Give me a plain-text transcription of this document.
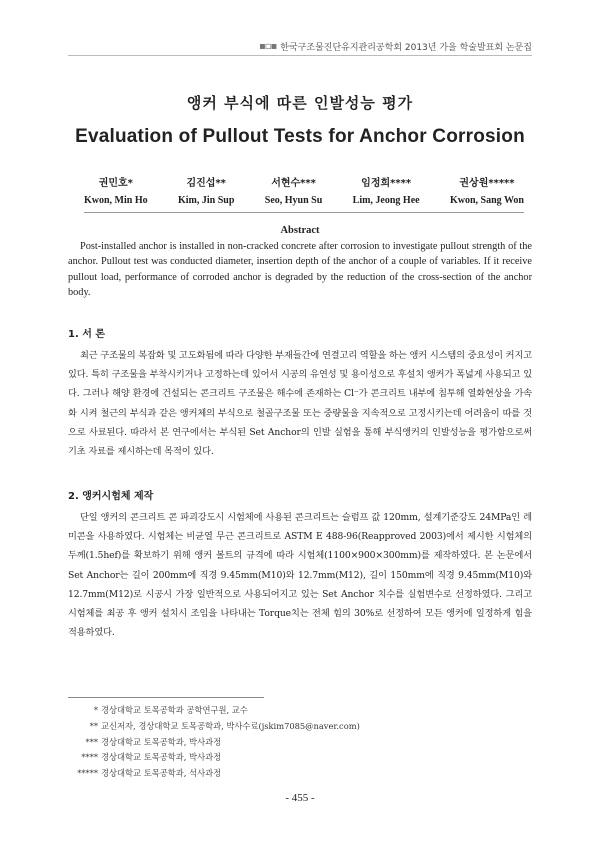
▪▫▪ 한국구조물진단유지관리공학회 2013년 가을 학술발표회 논문집
앵커 부식에 따른 인발성능 평가
Evaluation of Pullout Tests for Anchor Corrosion
권민호*
Kwon, Min Ho
김진섭**
Kim, Jin Sup
서현수***
Seo, Hyun Su
임정희****
Lim, Jeong Hee
권상원*****
Kwon, Sang Won
Abstract

Post-installed anchor is installed in non-cracked concrete after corrosion to investigate pullout strength of the anchor. Pullout test was conducted diameter, insertion depth of the anchor of a couple of variables. If it receive pullout load, performance of corroded anchor is degraded by the reduction of the cross-section of the anchor body.

1. 서 론

최근 구조물의 복잡화 및 고도화됨에 따라 다양한 부재들간에 연결고리 역할을 하는 앵커 시스템의 중요성이 커지고 있다. 특히 구조물을 부착시키거나 고정하는데 있어서 시공의 유연성 및 용이성으로 후설치 앵커가 폭넓게 사용되고 있다. 그러나 해양 환경에 건설되는 콘크리트 구조물은 해수에 존재하는 Cl⁻가 콘크리트 내부에 침투해 열화현상을 가속화 시켜 철근의 부식과 같은 앵커체의 부식으로 철골구조물 또는 중량물을 지속적으로 고정시키는데 어려움이 따를 것으로 사료된다. 따라서 본 연구에서는 부식된 Set Anchor의 인발 실험을 통해 부식앵커의 인발성능을 평가함으로써 기초 자료를 제시하는데 목적이 있다.

2. 앵커시험체 제작

단일 앵커의 콘크리트 콘 파괴강도시 시험체에 사용된 콘크리트는 슬럼프 값 120mm, 설계기준강도 24MPa인 레미콘을 사용하였다. 시험체는 비균열 무근 콘크리트로 ASTM E 488-96(Reapproved 2003)에서 제시한 시험체의 두께(1.5hef)를 확보하기 위해 앵커 볼트의 규격에 따라 시험체(1100×900×300mm)를 제작하였다. 본 논문에서 Set Anchor는 길이 200mm에 직경 9.45mm(M10)와 12.7mm(M12), 길이 150mm에 직경 9.45mm(M10)와 12.7mm(M12)로 시공시 가장 일반적으로 사용되어지고 있는 Set Anchor 치수를 실험변수로 선정하였다. 그리고 시험체를 최공 후 앵커 설치시 조임을 나타내는 Torque치는 전체 힘의 30%로 선정하여 모든 앵커에 일정하게 힘을 적용하였다.

* 경상대학교 토목공학과 공학연구원, 교수
** 교신저자, 경상대학교 토목공학과, 박사수료(jskim7085@naver.com)
*** 경상대학교 토목공학과, 박사과정
**** 경상대학교 토목공학과, 박사과정
***** 경상대학교 토목공학과, 석사과정
- 455 -
